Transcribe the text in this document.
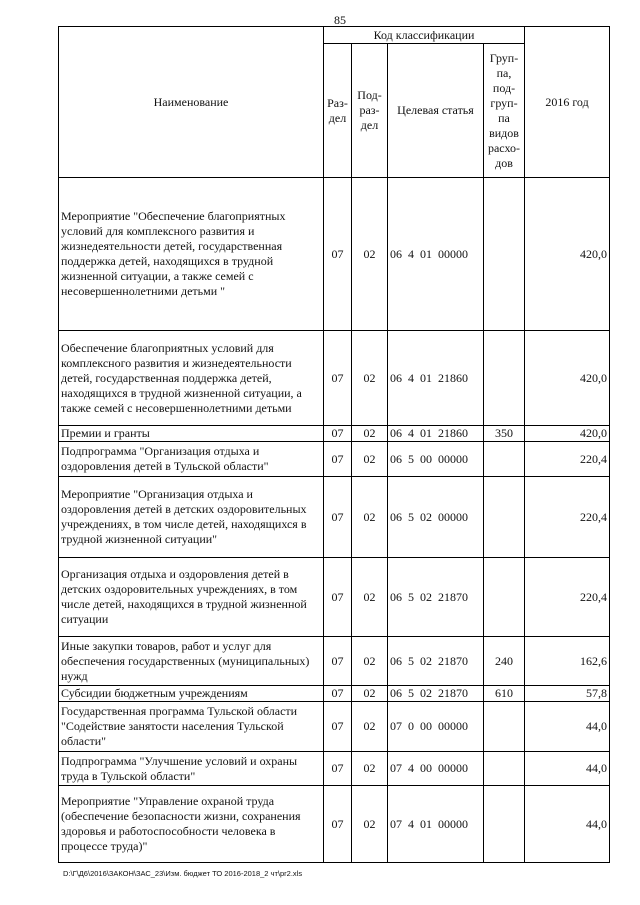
85
Наименование	Код классификации				2016 год
	Раз- дел	Под- раз- дел	Целевая статья	Груп- па, под- груп- па видов расхо- дов	
Мероприятие "Обеспечение благоприятных условий для комплексного развития и жизнедеятельности детей, государственная поддержка детей, находящихся в трудной жизненной ситуации, а также семей с несовершеннолетними детьми "	07	02	06  4  01  00000		420,0
Обеспечение благоприятных условий для комплексного развития и жизнедеятельности детей, государственная поддержка детей, находящихся в трудной жизненной ситуации, а также семей с несовершеннолетними детьми	07	02	06  4  01  21860		420,0
Премии и гранты	07	02	06  4  01  21860	350	420,0
Подпрограмма "Организация отдыха и оздоровления детей в Тульской области"	07	02	06  5  00  00000		220,4
Мероприятие "Организация отдыха и оздоровления детей в детских оздоровительных учреждениях, в том числе детей, находящихся в трудной жизненной ситуации"	07	02	06  5  02  00000		220,4
Организация отдыха и оздоровления детей в детских оздоровительных учреждениях, в том числе детей, находящихся в трудной жизненной ситуации	07	02	06  5  02  21870		220,4
Иные закупки товаров, работ и услуг для обеспечения государственных (муниципальных) нужд	07	02	06  5  02  21870	240	162,6
Субсидии бюджетным учреждениям	07	02	06  5  02  21870	610	57,8
Государственная программа Тульской области "Содействие занятости населения Тульской области"	07	02	07  0  00  00000		44,0
Подпрограмма "Улучшение условий и охраны труда в Тульской области"	07	02	07  4  00  00000		44,0
Мероприятие "Управление охраной труда (обеспечение безопасности жизни, сохранения здоровья и работоспособности человека в процессе труда)"	07	02	07  4  01  00000		44,0
D:\Г\Д6\2016\ЗАКОН\ЗАС_23\Изм. бюджет ТО 2016-2018_2 чт\pr2.xls
